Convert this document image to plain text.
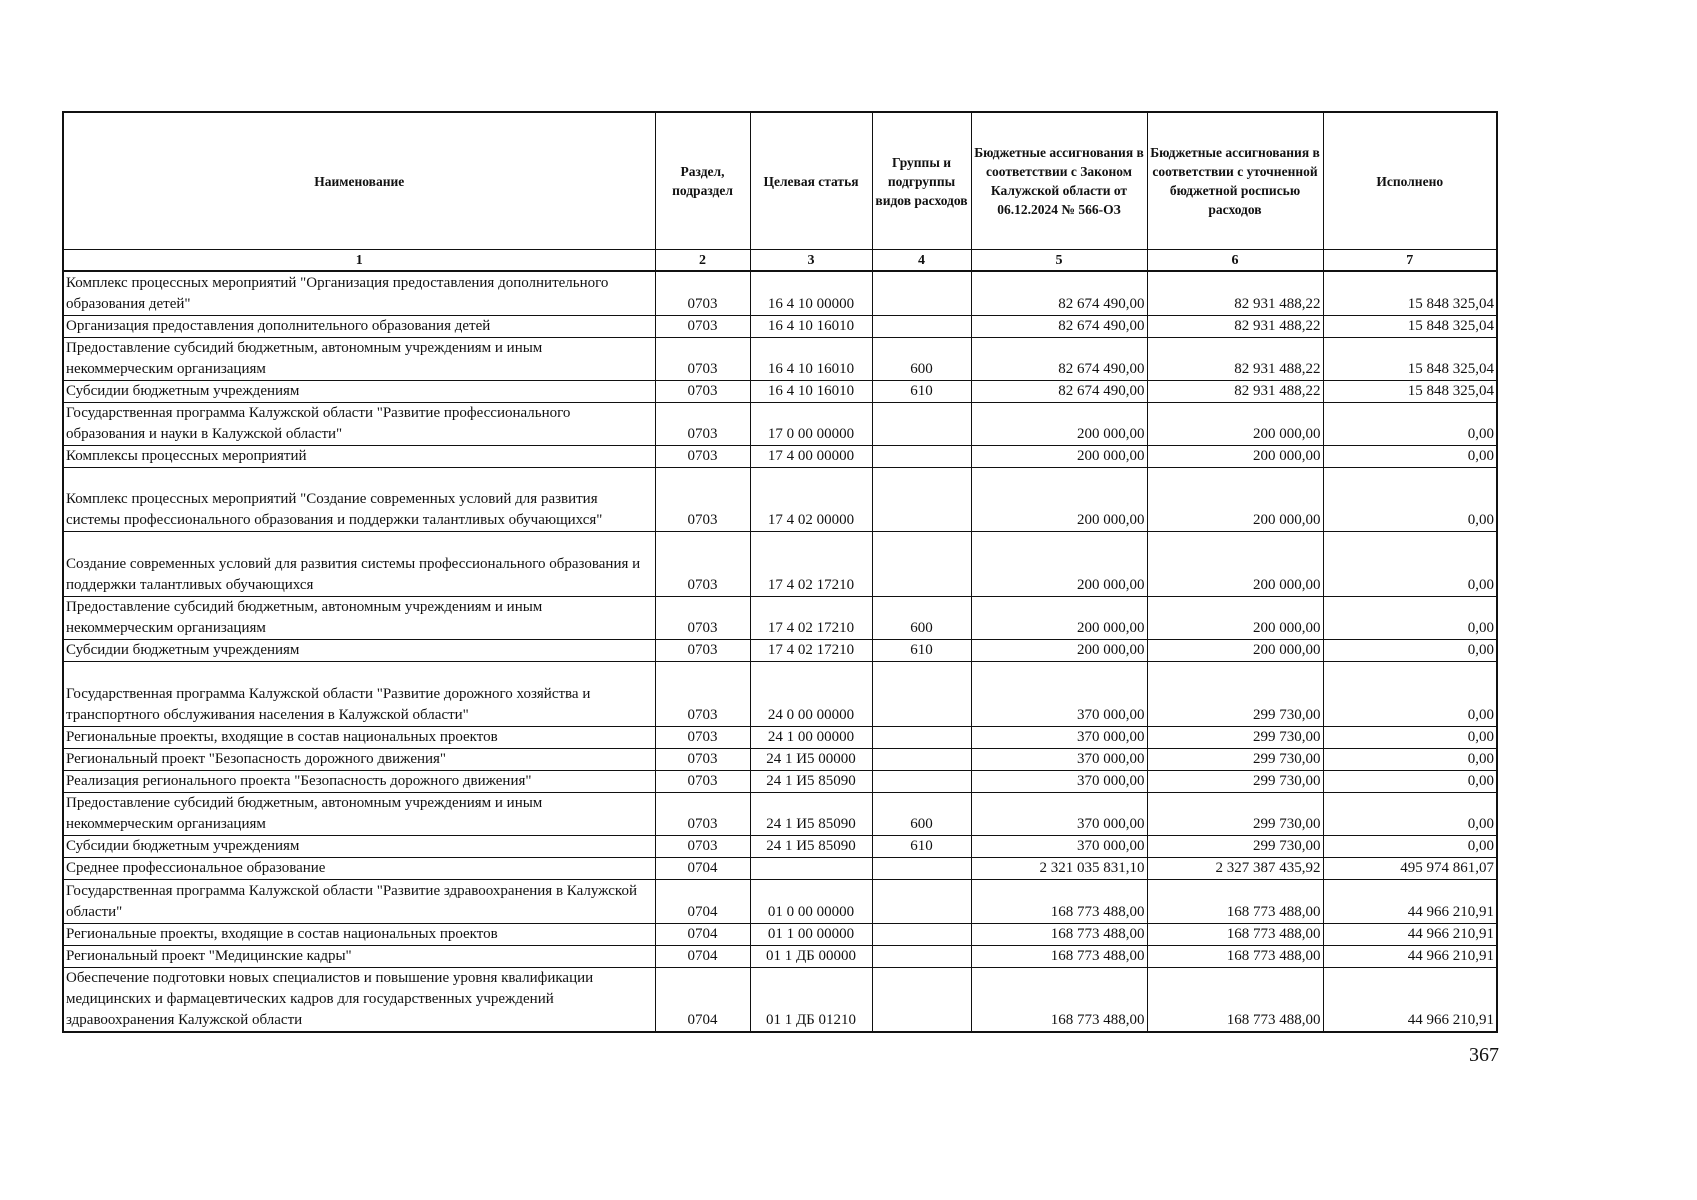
Наименование	Раздел, подраздел	Целевая статья	Группы и подгруппы видов расходов	Бюджетные ассигнования в соответствии с Законом Калужской области от 06.12.2024 № 566-ОЗ	Бюджетные ассигнования в соответствии с уточненной бюджетной росписью расходов	Исполнено
1	2	3	4	5	6	7
Комплекс процессных мероприятий "Организация предоставления дополнительного образования детей"	0703	16 4 10 00000		82 674 490,00	82 931 488,22	15 848 325,04
Организация предоставления дополнительного образования детей	0703	16 4 10 16010		82 674 490,00	82 931 488,22	15 848 325,04
Предоставление субсидий бюджетным, автономным учреждениям и иным некоммерческим организациям	0703	16 4 10 16010	600	82 674 490,00	82 931 488,22	15 848 325,04
Субсидии бюджетным учреждениям	0703	16 4 10 16010	610	82 674 490,00	82 931 488,22	15 848 325,04
Государственная программа Калужской области "Развитие профессионального образования и науки в Калужской области"	0703	17 0 00 00000		200 000,00	200 000,00	0,00
Комплексы процессных мероприятий	0703	17 4 00 00000		200 000,00	200 000,00	0,00
Комплекс процессных мероприятий "Создание современных условий для развития системы профессионального образования и поддержки талантливых обучающихся"	0703	17 4 02 00000		200 000,00	200 000,00	0,00
Создание современных условий для развития системы профессионального образования и поддержки талантливых обучающихся	0703	17 4 02 17210		200 000,00	200 000,00	0,00
Предоставление субсидий бюджетным, автономным учреждениям и иным некоммерческим организациям	0703	17 4 02 17210	600	200 000,00	200 000,00	0,00
Субсидии бюджетным учреждениям	0703	17 4 02 17210	610	200 000,00	200 000,00	0,00
Государственная программа Калужской области "Развитие дорожного хозяйства и транспортного обслуживания населения в Калужской области"	0703	24 0 00 00000		370 000,00	299 730,00	0,00
Региональные проекты, входящие в состав национальных проектов	0703	24 1 00 00000		370 000,00	299 730,00	0,00
Региональный проект "Безопасность дорожного движения"	0703	24 1 И5 00000		370 000,00	299 730,00	0,00
Реализация регионального проекта "Безопасность дорожного движения"	0703	24 1 И5 85090		370 000,00	299 730,00	0,00
Предоставление субсидий бюджетным, автономным учреждениям и иным некоммерческим организациям	0703	24 1 И5 85090	600	370 000,00	299 730,00	0,00
Субсидии бюджетным учреждениям	0703	24 1 И5 85090	610	370 000,00	299 730,00	0,00
Среднее профессиональное образование	0704			2 321 035 831,10	2 327 387 435,92	495 974 861,07
Государственная программа Калужской области "Развитие здравоохранения в Калужской области"	0704	01 0 00 00000		168 773 488,00	168 773 488,00	44 966 210,91
Региональные проекты, входящие в состав национальных проектов	0704	01 1 00 00000		168 773 488,00	168 773 488,00	44 966 210,91
Региональный проект "Медицинские кадры"	0704	01 1 ДБ 00000		168 773 488,00	168 773 488,00	44 966 210,91
Обеспечение подготовки новых специалистов и повышение уровня квалификации медицинских и фармацевтических кадров для государственных учреждений здравоохранения Калужской области	0704	01 1 ДБ 01210		168 773 488,00	168 773 488,00	44 966 210,91
367
